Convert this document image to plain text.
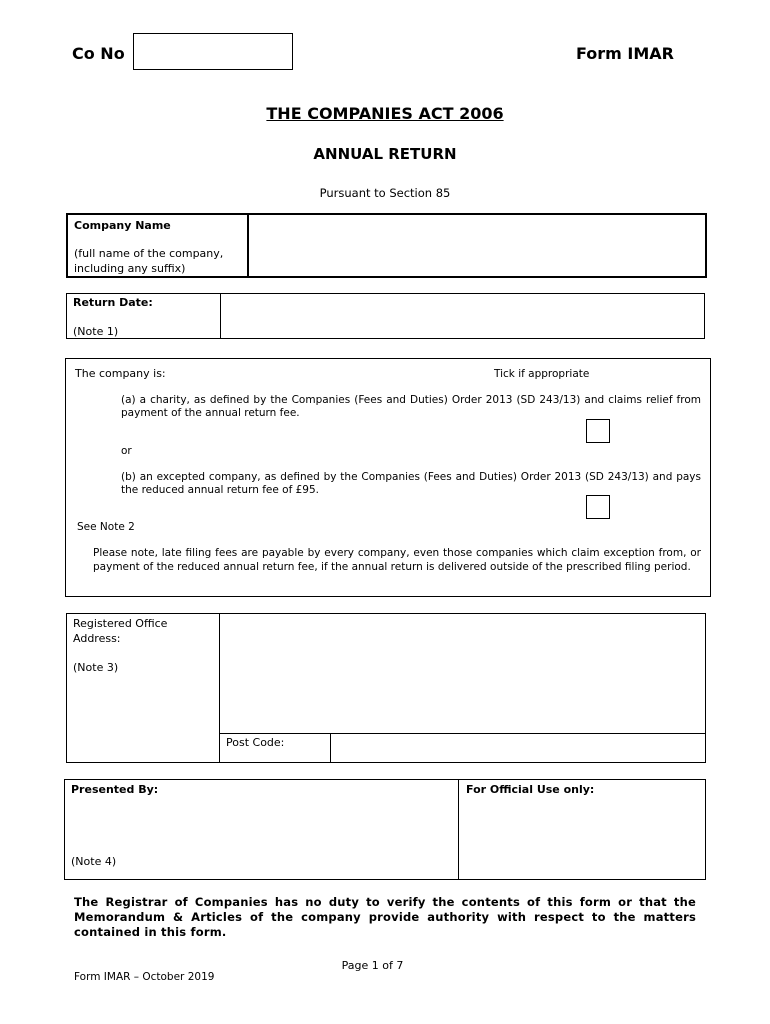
Co No	Form IMAR
THE COMPANIES ACT 2006
ANNUAL RETURN
Pursuant to Section 85
Company Name
(full name of the company, including any suffix)
Return Date:
(Note 1)
The company is:	Tick if appropriate
(a) a charity, as defined by the Companies (Fees and Duties) Order 2013 (SD 243/13) and claims relief from payment of the annual return fee.
or
(b) an excepted company, as defined by the Companies (Fees and Duties) Order 2013 (SD 243/13) and pays the reduced annual return fee of £95.
See Note 2
Please note, late filing fees are payable by every company, even those companies which claim exception from, or payment of the reduced annual return fee, if the annual return is delivered outside of the prescribed filing period.
Registered Office Address:
(Note 3)
Post Code:
Presented By:
(Note 4)
For Official Use only:
The Registrar of Companies has no duty to verify the contents of this form or that the Memorandum & Articles of the company provide authority with respect to the matters contained in this form.
Page 1 of 7
Form IMAR – October 2019
